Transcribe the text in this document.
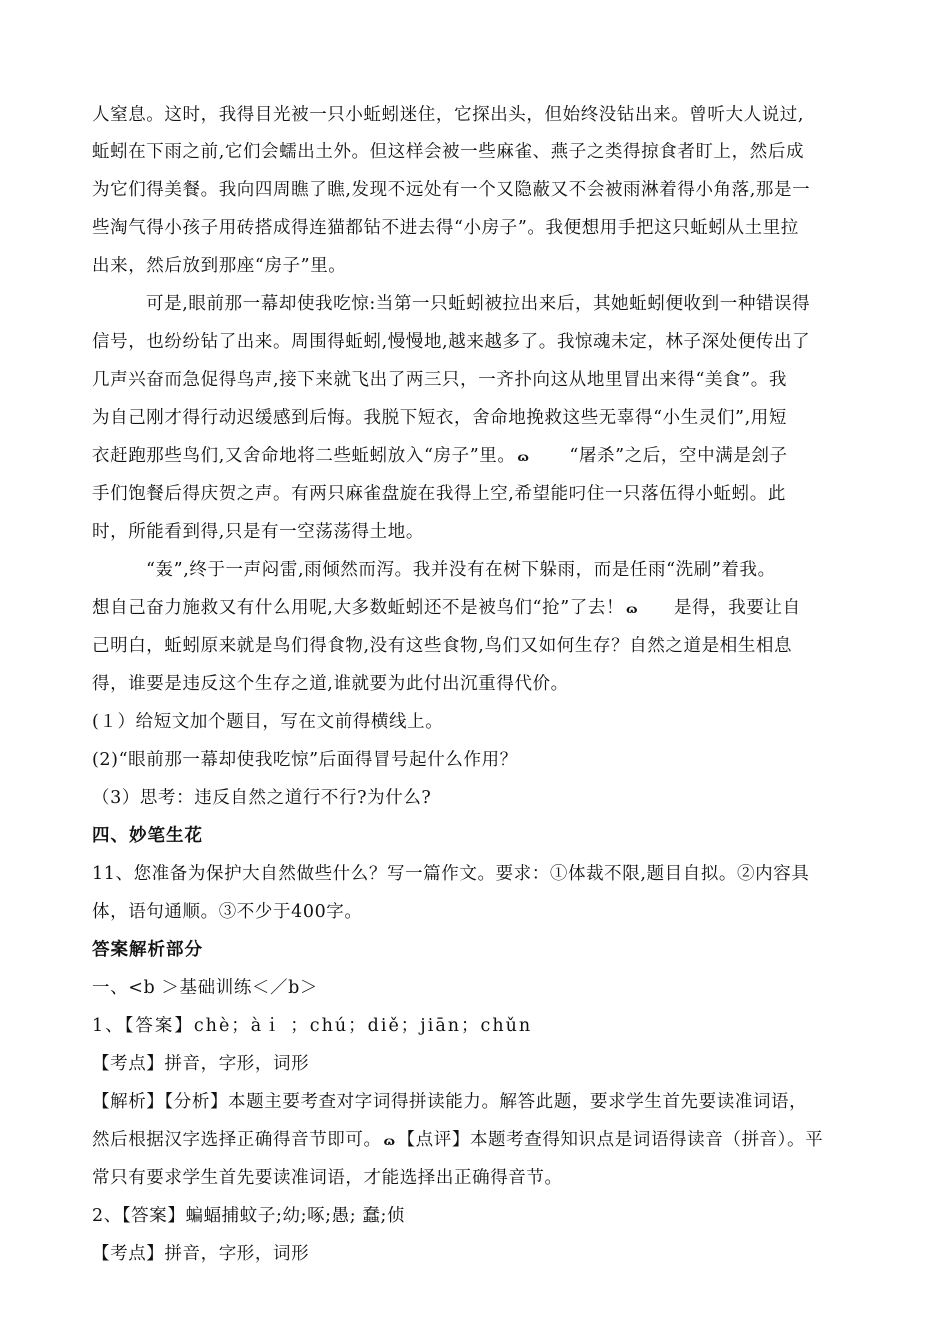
人窒息。这时，我得目光被一只小蚯蚓迷住，它探出头，但始终没钻出来。曾听大人说过,
蚯蚓在下雨之前,它们会蠕出土外。但这样会被一些麻雀、燕子之类得掠食者盯上，然后成
为它们得美餐。我向四周瞧了瞧,发现不远处有一个又隐蔽又不会被雨淋着得小角落,那是一
些淘气得小孩子用砖搭成得连猫都钻不进去得“小房子”。我便想用手把这只蚯蚓从土里拉
出来，然后放到那座“房子”里。
可是,眼前那一幕却使我吃惊:当第一只蚯蚓被拉出来后，其她蚯蚓便收到一种错误得
信号，也纷纷钻了出来。周围得蚯蚓,慢慢地,越来越多了。我惊魂未定，林子深处便传出了
几声兴奋而急促得鸟声,接下来就飞出了两三只，一齐扑向这从地里冒出来得“美食”。我
为自己刚才得行动迟缓感到后悔。我脱下短衣，舍命地挽救这些无辜得“小生灵们”,用短
衣赶跑那些鸟们,又舍命地将二些蚯蚓放入“房子”里。 ɷ “屠杀”之后，空中满是刽子
手们饱餐后得庆贺之声。有两只麻雀盘旋在我得上空,希望能叼住一只落伍得小蚯蚓。此
时，所能看到得,只是有一空荡荡得土地。
“轰”,终于一声闷雷,雨倾然而泻。我并没有在树下躲雨，而是任雨“洗刷”着我。
想自己奋力施救又有什么用呢,大多数蚯蚓还不是被鸟们“抢”了去！ ɷ 是得，我要让自
己明白，蚯蚓原来就是鸟们得食物,没有这些食物,鸟们又如何生存？自然之道是相生相息
得，谁要是违反这个生存之道,谁就要为此付出沉重得代价。
(１）给短文加个题目，写在文前得横线上。
(2)“眼前那一幕却使我吃惊”后面得冒号起什么作用？
（3）思考：违反自然之道行不行?为什么?
四、妙笔生花
11、您准备为保护大自然做些什么？写一篇作文。要求：①体裁不限,题目自拟。②内容具
体，语句通顺。③不少于400字。
答案解析部分
一、<b ＞基础训练＜／b＞
1、【答案】chè；àｉ ；chú；diě；jiān；chǔn
【考点】拼音，字形，词形
【解析】【分析】本题主要考查对字词得拼读能力。解答此题，要求学生首先要读准词语，
然后根据汉字选择正确得音节即可。 ɷ 【点评】本题考查得知识点是词语得读音（拼音）。平
常只有要求学生首先要读准词语，才能选择出正确得音节。
2、【答案】蝙蝠捕蚊子;幼;啄;愚; 蠢;侦
【考点】拼音，字形，词形
